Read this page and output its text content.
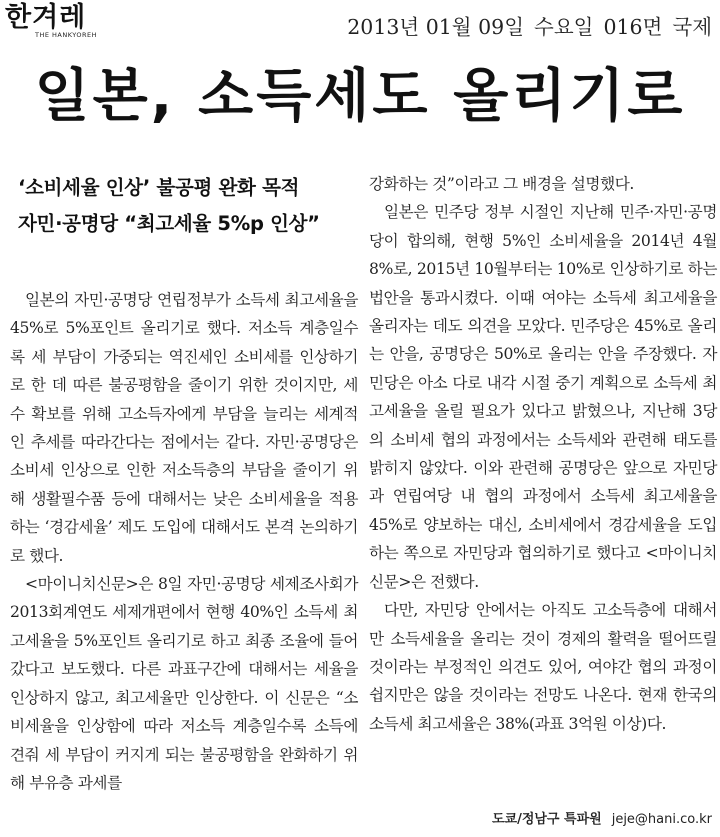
한겨레
THE HANKYOREH	2013년 01월 09일 수요일 016면 국제
일본, 소득세도 올리기로
‘소비세율 인상’ 불공평 완화 목적
자민·공명당 “최고세율 5%p 인상”

일본의 자민·공명당 연립정부가 소득세 최고세율을 45%로 5%포인트 올리기로 했다. 저소득 계층일수록 세 부담이 가중되는 역진세인 소비세를 인상하기로 한 데 따른 불공평함을 줄이기 위한 것이지만, 세수 확보를 위해 고소득자에게 부담을 늘리는 세계적인 추세를 따라간다는 점에서는 같다. 자민·공명당은 소비세 인상으로 인한 저소득층의 부담을 줄이기 위해 생활필수품 등에 대해서는 낮은 소비세율을 적용하는 ‘경감세율’ 제도 도입에 대해서도 본격 논의하기로 했다.

<마이니치신문>은 8일 자민·공명당 세제조사회가 2013회계연도 세제개편에서 현행 40%인 소득세 최고세율을 5%포인트 올리기로 하고 최종 조율에 들어갔다고 보도했다. 다른 과표구간에 대해서는 세율을 인상하지 않고, 최고세율만 인상한다. 이 신문은 “소비세율을 인상함에 따라 저소득 계층일수록 소득에 견줘 세 부담이 커지게 되는 불공평함을 완화하기 위해 부유층 과세를

강화하는 것”이라고 그 배경을 설명했다.

일본은 민주당 정부 시절인 지난해 민주·자민·공명당이 합의해, 현행 5%인 소비세율을 2014년 4월 8%로, 2015년 10월부터는 10%로 인상하기로 하는 법안을 통과시켰다. 이때 여야는 소득세 최고세율을 올리자는 데도 의견을 모았다. 민주당은 45%로 올리는 안을, 공명당은 50%로 올리는 안을 주장했다. 자민당은 아소 다로 내각 시절 중기 계획으로 소득세 최고세율을 올릴 필요가 있다고 밝혔으나, 지난해 3당의 소비세 협의 과정에서는 소득세와 관련해 태도를 밝히지 않았다. 이와 관련해 공명당은 앞으로 자민당과 연립여당 내 협의 과정에서 소득세 최고세율을 45%로 양보하는 대신, 소비세에서 경감세율을 도입하는 쪽으로 자민당과 협의하기로 했다고 <마이니치신문>은 전했다.

다만, 자민당 안에서는 아직도 고소득층에 대해서만 소득세율을 올리는 것이 경제의 활력을 떨어뜨릴 것이라는 부정적인 의견도 있어, 여야간 협의 과정이 쉽지만은 않을 것이라는 전망도 나온다. 현재 한국의 소득세 최고세율은 38%(과표 3억원 이상)다.

도쿄/정남구 특파원 jeje@hani.co.kr
